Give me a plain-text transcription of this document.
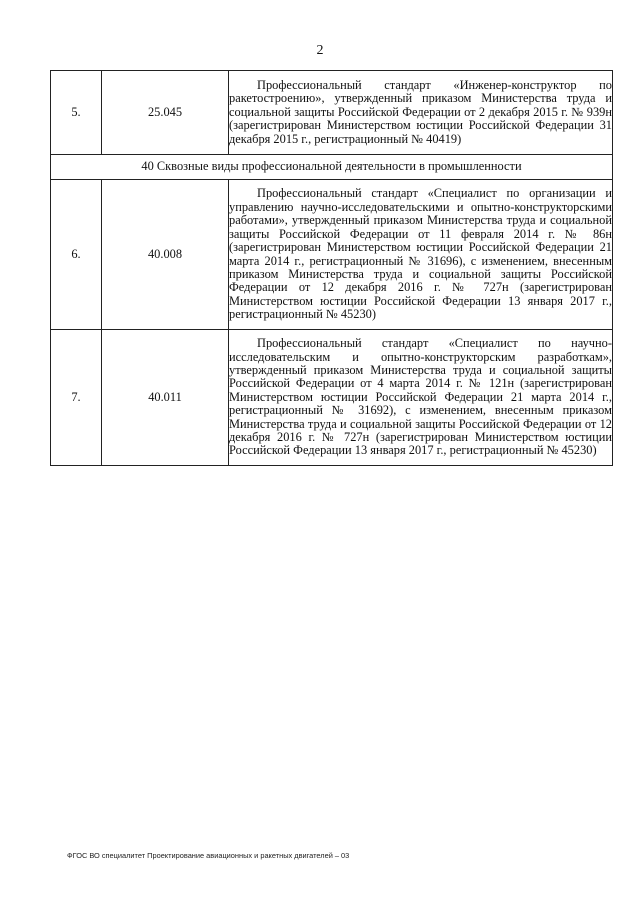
2
5.	25.045	Профессиональный стандарт «Инженер-конструктор по ракетостроению», утвержденный приказом Министерства труда и социальной защиты Российской Федерации от 2 декабря 2015 г. № 939н (зарегистрирован Министерством юстиции Российской Федерации 31 декабря 2015 г., регистрационный № 40419)

40 Сквозные виды профессиональной деятельности в промышленности		
6.	40.008	Профессиональный стандарт «Специалист по организации и управлению научно-исследовательскими и опытно-конструкторскими работами», утвержденный приказом Министерства труда и социальной защиты Российской Федерации от 11 февраля 2014 г. № 86н (зарегистрирован Министерством юстиции Российской Федерации 21 марта 2014 г., регистрационный № 31696), с изменением, внесенным приказом Министерства труда и социальной защиты Российской Федерации от 12 декабря 2016 г. № 727н (зарегистрирован Министерством юстиции Российской Федерации 13 января 2017 г., регистрационный № 45230)

7.	40.011	Профессиональный стандарт «Специалист по научно-исследовательским и опытно-конструкторским разработкам», утвержденный приказом Министерства труда и социальной защиты Российской Федерации от 4 марта 2014 г. № 121н (зарегистрирован Министерством юстиции Российской Федерации 21 марта 2014 г., регистрационный № 31692), с изменением, внесенным приказом Министерства труда и социальной защиты Российской Федерации от 12 декабря 2016 г. № 727н (зарегистрирован Министерством юстиции Российской Федерации 13 января 2017 г., регистрационный № 45230)
ФГОС ВО специалитет Проектирование авиационных и ракетных двигателей – 03
